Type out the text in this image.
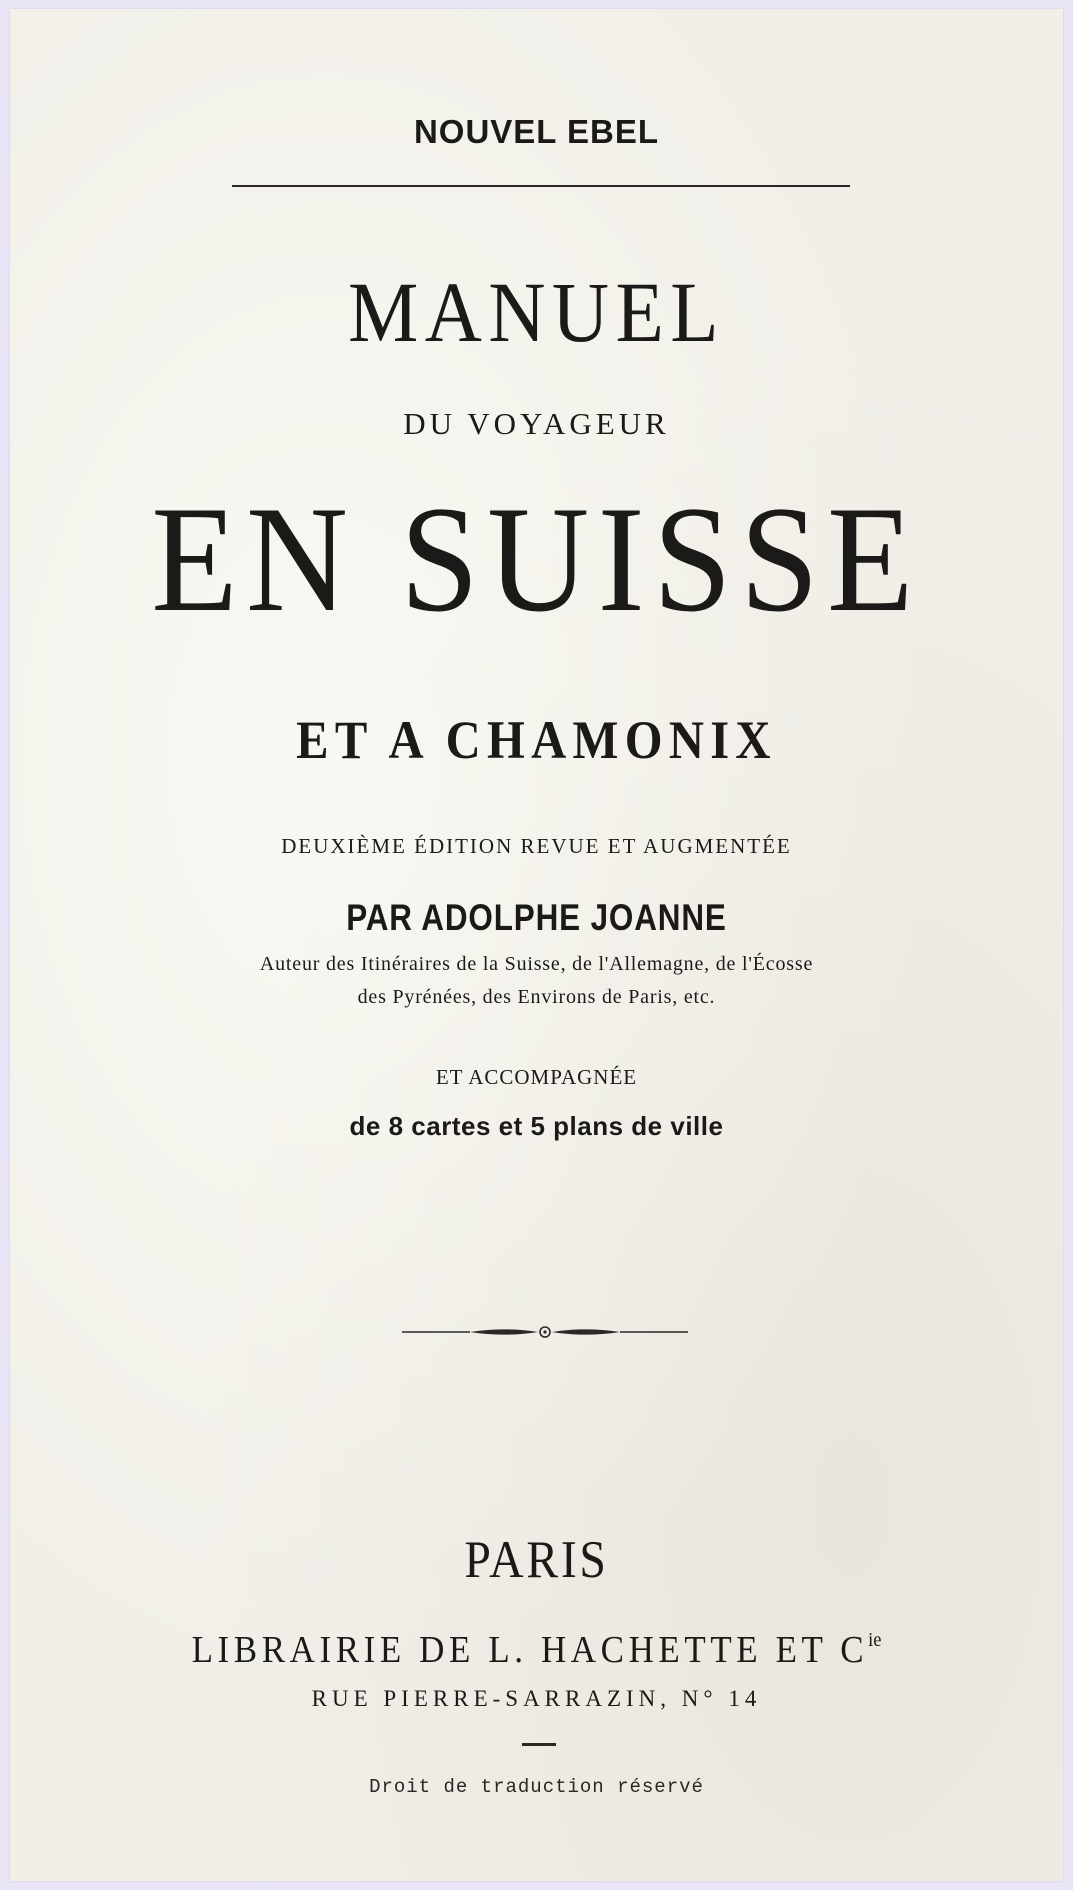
NOUVEL EBEL
MANUEL
DU VOYAGEUR
EN SUISSE
ET A CHAMONIX
DEUXIÈME ÉDITION REVUE ET AUGMENTÉE
PAR ADOLPHE JOANNE
Auteur des Itinéraires de la Suisse, de l'Allemagne, de l'Écosse
des Pyrénées, des Environs de Paris, etc.
ET ACCOMPAGNÉE
de 8 cartes et 5 plans de ville
PARIS
LIBRAIRIE DE L. HACHETTE ET $C^{ie}$
RUE PIERRE-SARRAZIN, N° 14
Droit de traduction réservé
